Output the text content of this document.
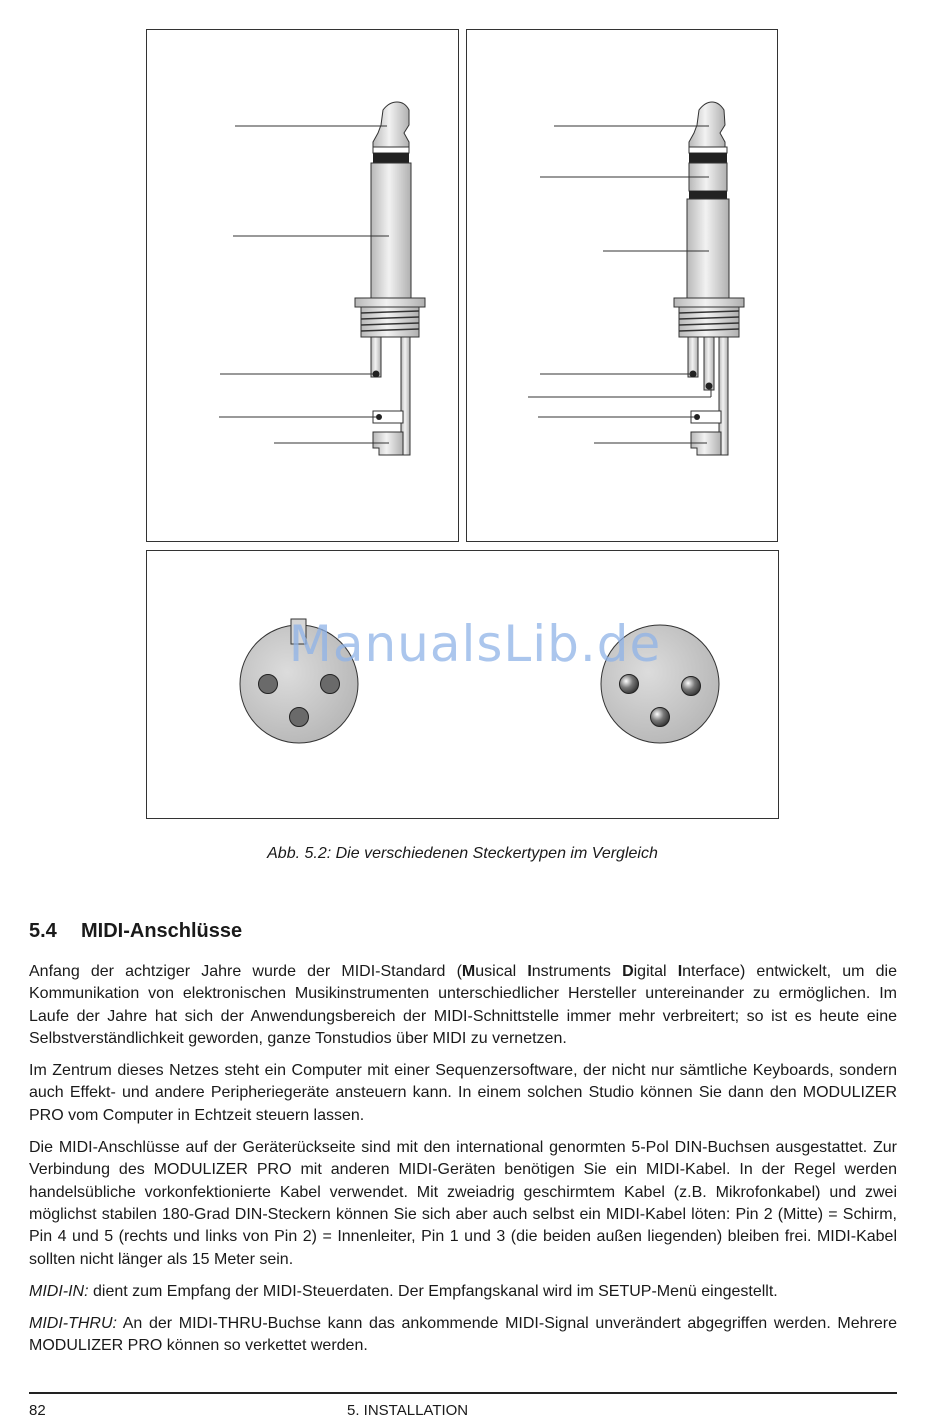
ManualsLib.de
Abb. 5.2: Die verschiedenen Steckertypen im Vergleich
5.4 MIDI-Anschlüsse

Anfang der achtziger Jahre wurde der MIDI-Standard (Musical Instruments Digital Interface) entwickelt, um die Kommunikation von elektronischen Musikinstrumenten unterschiedlicher Hersteller untereinander zu ermöglichen. Im Laufe der Jahre hat sich der Anwendungsbereich der MIDI-Schnittstelle immer mehr verbreitert; so ist es heute eine Selbstverständlichkeit geworden, ganze Tonstudios über MIDI zu vernetzen.

Im Zentrum dieses Netzes steht ein Computer mit einer Sequenzersoftware, der nicht nur sämtliche Keyboards, sondern auch Effekt- und andere Peripheriegeräte ansteuern kann. In einem solchen Studio können Sie dann den MODULIZER PRO vom Computer in Echtzeit steuern lassen.

Die MIDI-Anschlüsse auf der Geräterückseite sind mit den international genormten 5-Pol DIN-Buchsen ausgestattet. Zur Verbindung des MODULIZER PRO mit anderen MIDI-Geräten benötigen Sie ein MIDI-Kabel. In der Regel werden handelsübliche vorkonfektionierte Kabel verwendet. Mit zweiadrig geschirmtem Kabel (z.B. Mikrofonkabel) und zwei möglichst stabilen 180-Grad DIN-Steckern können Sie sich aber auch selbst ein MIDI-Kabel löten: Pin 2 (Mitte) = Schirm, Pin 4 und 5 (rechts und links von Pin 2) = Innenleiter, Pin 1 und 3 (die beiden außen liegenden) bleiben frei. MIDI-Kabel sollten nicht länger als 15 Meter sein.

MIDI-IN: dient zum Empfang der MIDI-Steuerdaten. Der Empfangskanal wird im SETUP-Menü eingestellt.

MIDI-THRU: An der MIDI-THRU-Buchse kann das ankommende MIDI-Signal unverändert abgegriffen werden. Mehrere MODULIZER PRO können so verkettet werden.

82	5. INSTALLATION
